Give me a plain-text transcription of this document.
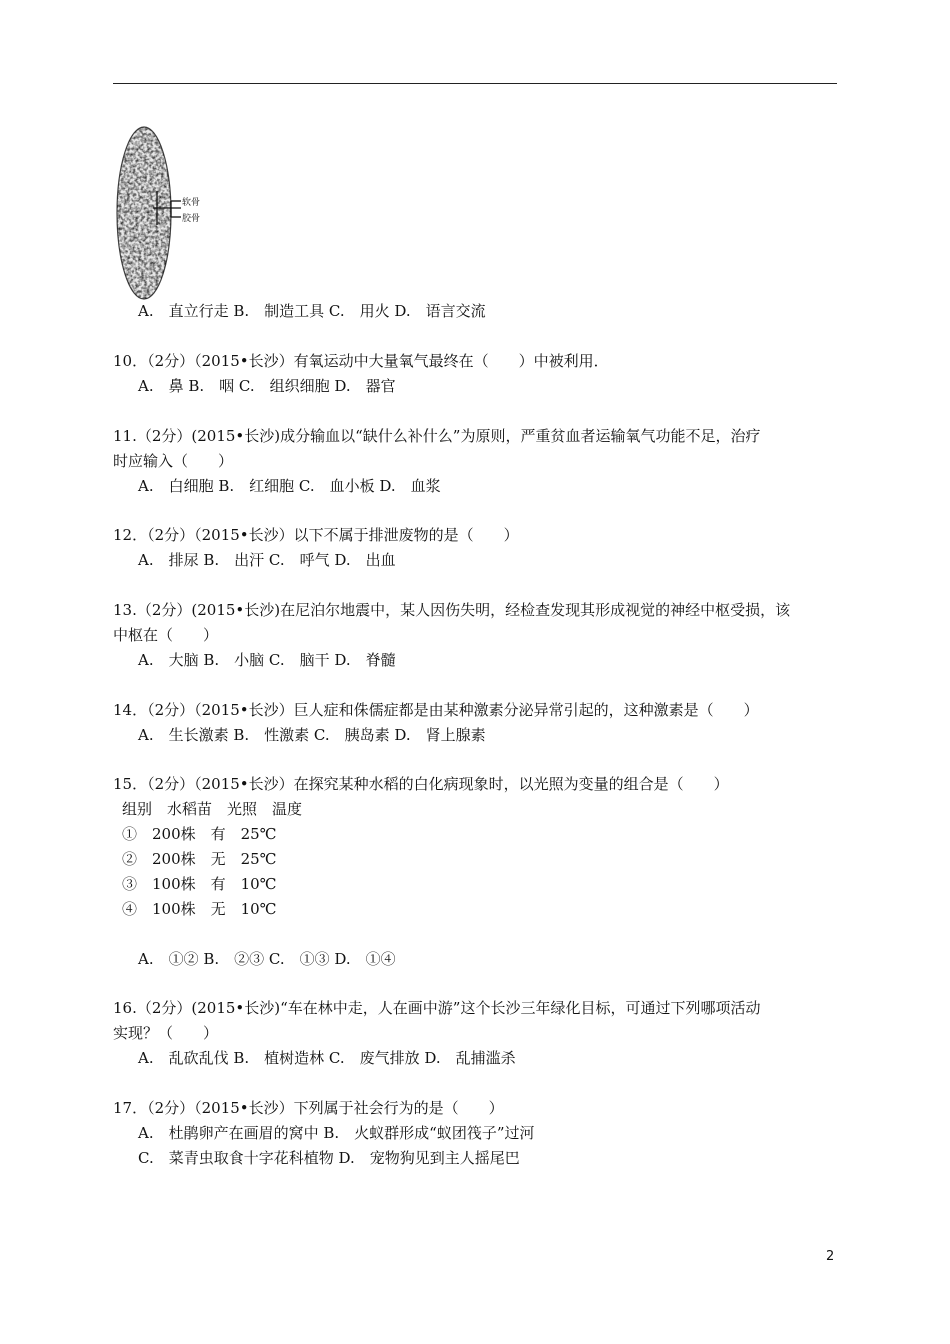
软骨
胶骨
A.　直立行走 B.　制造工具 C.　用火 D.　语言交流
10．（2分）（2015•长沙）有氧运动中大量氧气最终在（　　）中被利用．
A.　鼻 B.　咽 C.　组织细胞 D.　器官
11.（2分）(2015•长沙)成分输血以“缺什么补什么”为原则，严重贫血者运输氧气功能不足，治疗
时应输入（　　）
A.　白细胞 B.　红细胞 C.　血小板 D.　血浆
12．（2分）（2015•长沙）以下不属于排泄废物的是（　　）
A.　排尿 B.　出汗 C.　呼气 D.　出血
13.（2分）(2015•长沙)在尼泊尔地震中，某人因伤失明，经检查发现其形成视觉的神经中枢受损，该
中枢在（　　）
A.　大脑 B.　小脑 C.　脑干 D.　脊髓
14．（2分）（2015•长沙）巨人症和侏儒症都是由某种激素分泌异常引起的，这种激素是（　　）
A.　生长激素 B.　性激素 C.　胰岛素 D.　肾上腺素
15．（2分）（2015•长沙）在探究某种水稻的白化病现象时，以光照为变量的组合是（　　）
组别　水稻苗　光照　温度
①　200株　有　25℃
②　200株　无　25℃
③　100株　有　10℃
④　100株　无　10℃
A.　①② B.　②③ C.　①③ D.　①④
16.（2分）(2015•长沙)“车在林中走，人在画中游”这个长沙三年绿化目标，可通过下列哪项活动
实现？（　　）
A.　乱砍乱伐 B.　植树造林 C.　废气排放 D.　乱捕滥杀
17．（2分）（2015•长沙）下列属于社会行为的是（　　）
A.　杜鹃卵产在画眉的窝中 B.　火蚁群形成“蚁团筏子”过河
C.　菜青虫取食十字花科植物 D.　宠物狗见到主人摇尾巴
2
